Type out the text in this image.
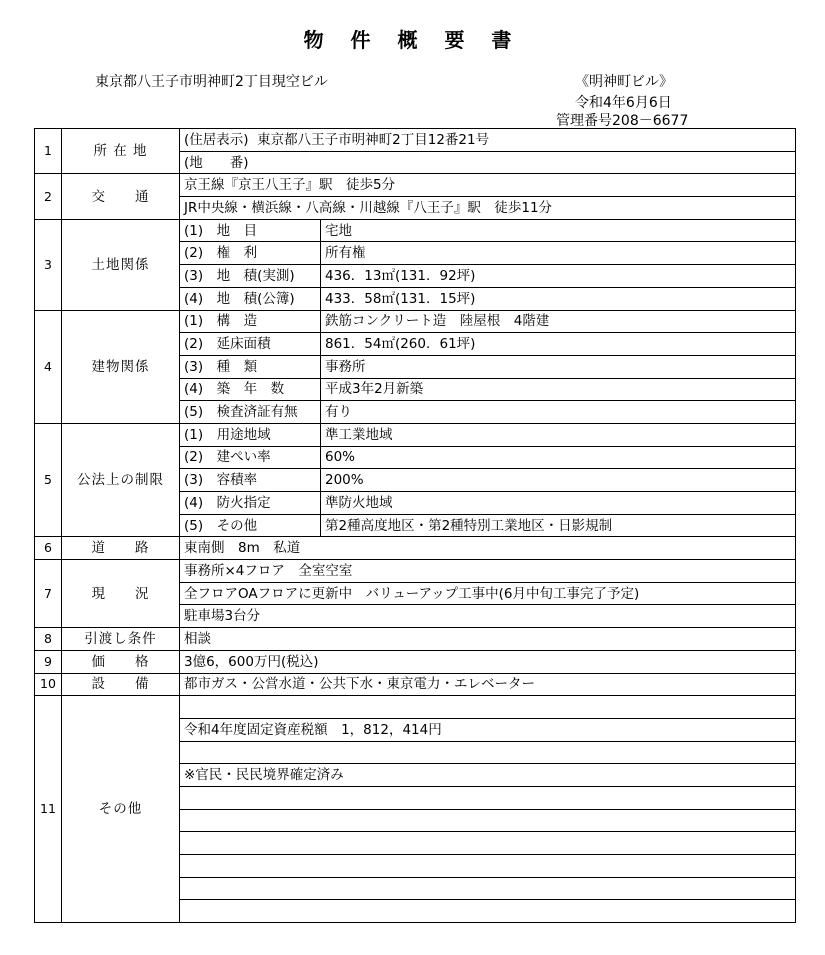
物 件 概 要 書
東京都八王子市明神町2丁目現空ビル	《明神町ビル》
令和4年6月6日
管理番号208－6677
1	所 在 地	(住居表示) 東京都八王子市明神町2丁目12番21号	
		(地　　番)	
2	交　　通	京王線『京王八王子』駅　徒歩5分	
		JR中央線・横浜線・八高線・川越線『八王子』駅　徒歩11分	
3	土地関係	(1)　地　目	宅地
		(2)　権　利	所有権
		(3)　地　積(実測)	436．13㎡(131．92坪)
		(4)　地　積(公簿)	433．58㎡(131．15坪)
4	建物関係	(1)　構　造	鉄筋コンクリート造　陸屋根　4階建
		(2)　延床面積	861．54㎡(260．61坪)
		(3)　種　類	事務所
		(4)　築　年　数	平成3年2月新築
		(5)　検査済証有無	有り
5	公法上の制限	(1)　用途地域	準工業地域
		(2)　建ぺい率	60%
		(3)　容積率	200%
		(4)　防火指定	準防火地域
		(5)　その他	第2種高度地区・第2種特別工業地区・日影規制
6	道　　路	東南側　8m　私道	
7	現　　況	事務所×4フロア　全室空室	
		全フロアOAフロアに更新中　バリューアップ工事中(6月中旬工事完了予定)	
		駐車場3台分	
8	引渡し条件	相談	
9	価　　格	3億6，600万円(税込)	
10	設　　備	都市ガス・公営水道・公共下水・東京電力・エレベーター	
11	その他		
		令和4年度固定資産税額　1，812，414円	

		※官民・民民境界確定済み	
